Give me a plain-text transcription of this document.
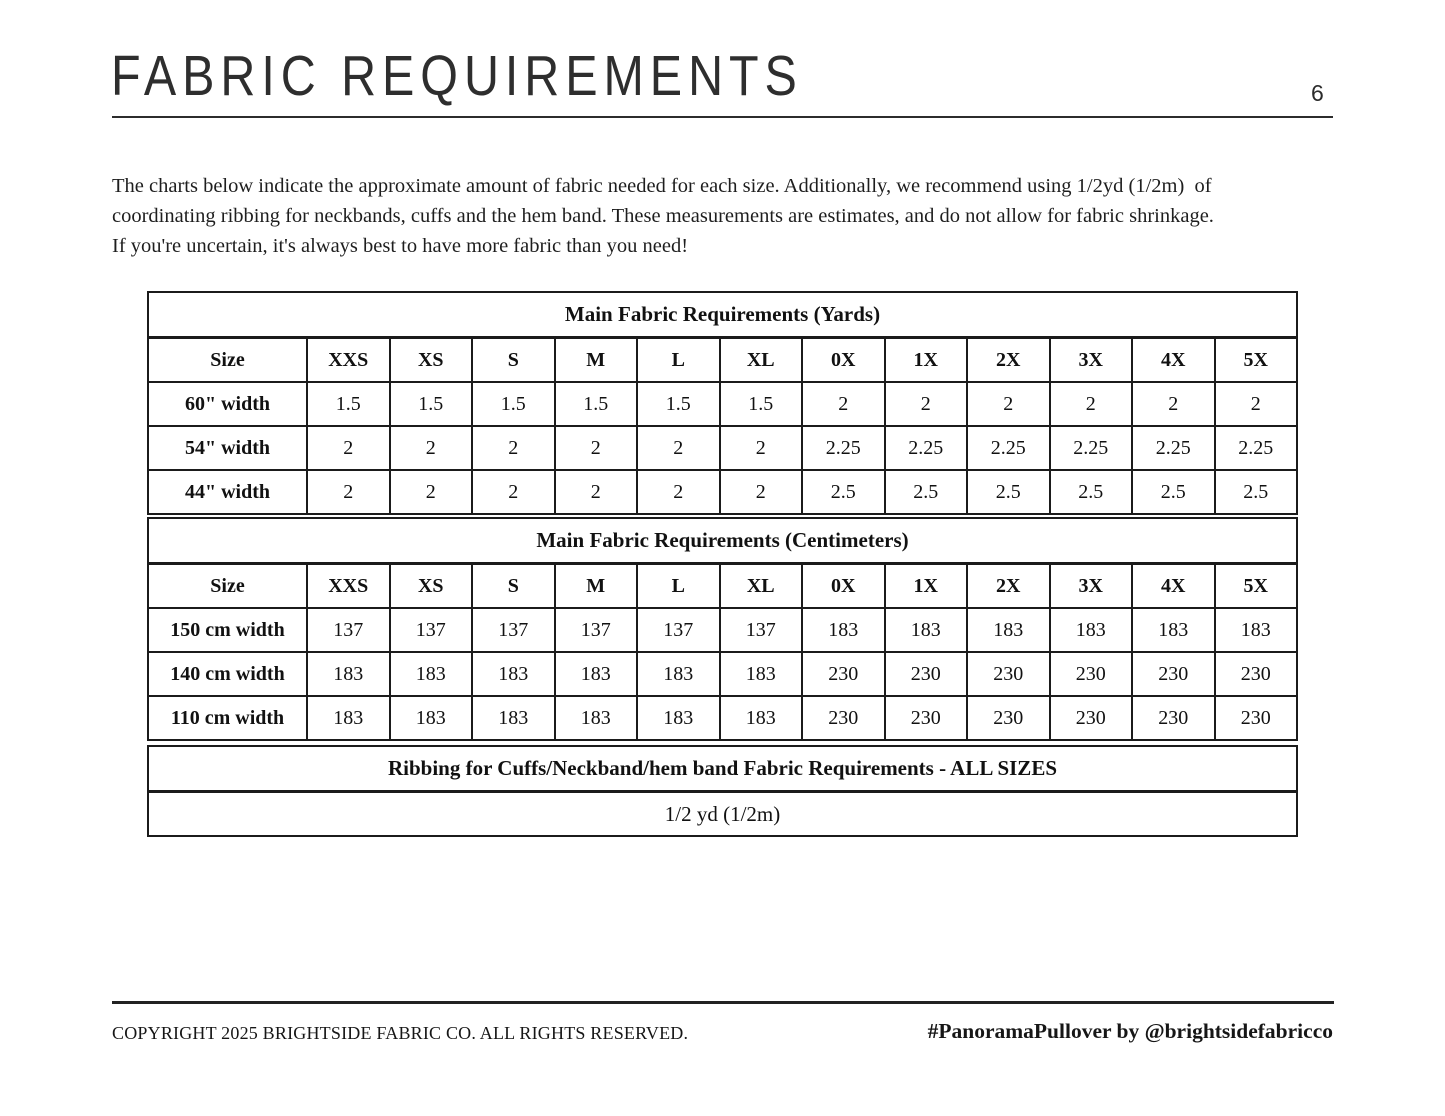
FABRIC REQUIREMENTS	6
The charts below indicate the approximate amount of fabric needed for each size. Additionally, we recommend using 1/2yd (1/2m)  of
coordinating ribbing for neckbands, cuffs and the hem band. These measurements are estimates, and do not allow for fabric shrinkage.
If you're uncertain, it's always best to have more fabric than you need!
Main Fabric Requirements (Yards)												
Size	XXS	XS	S	M	L	XL	0X	1X	2X	3X	4X	5X
60" width	1.5	1.5	1.5	1.5	1.5	1.5	2	2	2	2	2	2
54" width	2	2	2	2	2	2	2.25	2.25	2.25	2.25	2.25	2.25
44" width	2	2	2	2	2	2	2.5	2.5	2.5	2.5	2.5	2.5
Main Fabric Requirements (Centimeters)												
Size	XXS	XS	S	M	L	XL	0X	1X	2X	3X	4X	5X
150 cm width	137	137	137	137	137	137	183	183	183	183	183	183
140 cm width	183	183	183	183	183	183	230	230	230	230	230	230
110 cm width	183	183	183	183	183	183	230	230	230	230	230	230
Ribbing for Cuffs/Neckband/hem band Fabric Requirements - ALL SIZES
1/2 yd (1/2m)
COPYRIGHT 2025 BRIGHTSIDE FABRIC CO. ALL RIGHTS RESERVED.	#PanoramaPullover by @brightsidefabricco
